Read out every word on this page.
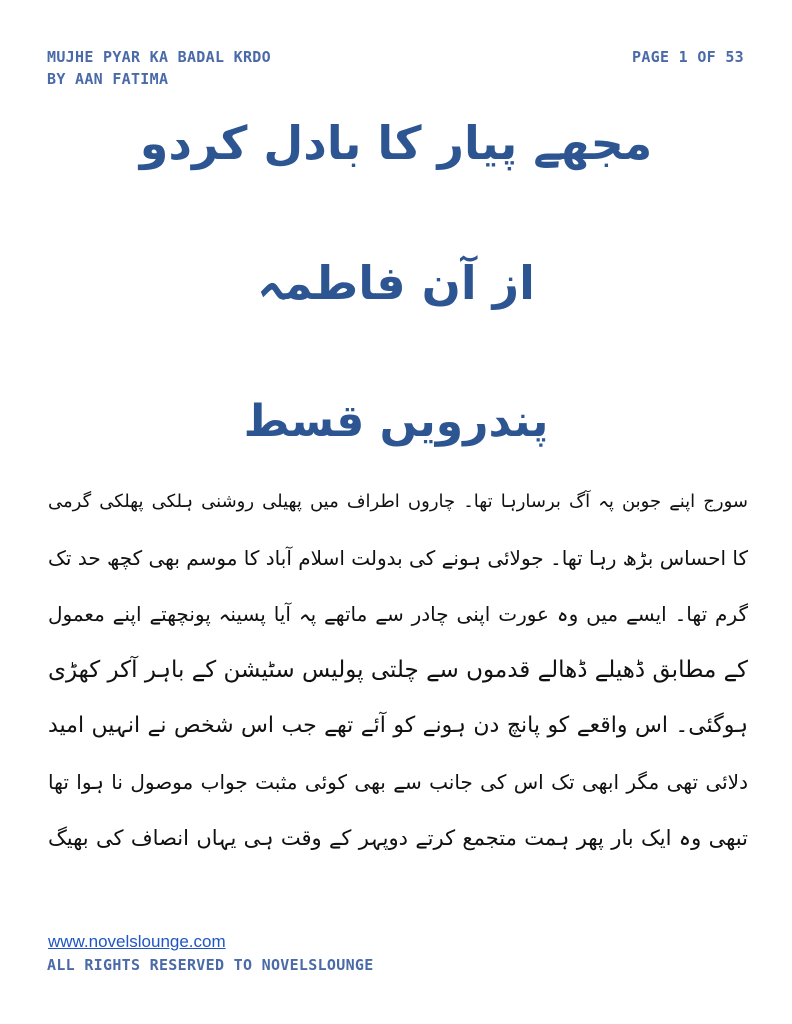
MUJHE PYAR KA BADAL KRDO
BY AAN FATIMA
PAGE 1 OF 53
مجھے پیار کا بادل کردو
از آن فاطمہ
پندرویں قسط
سورج اپنے جوبن پہ آگ برسارہا تھا۔ چاروں اطراف میں پھیلی روشنی ہلکی پھلکی گرمی
کا احساس بڑھ رہا تھا۔ جولائی ہونے کی بدولت اسلام آباد کا موسم بھی کچھ حد تک
گرم تھا۔ ایسے میں وہ عورت اپنی چادر سے ماتھے پہ آیا پسینہ پونچھتے اپنے معمول
کے مطابق ڈھیلے ڈھالے قدموں سے چلتی پولیس سٹیشن کے باہر آکر کھڑی
ہوگئی۔ اس واقعے کو پانچ دن ہونے کو آئے تھے جب اس شخص نے انہیں امید
دلائی تھی مگر ابھی تک اس کی جانب سے بھی کوئی مثبت جواب موصول نا ہوا تھا
تبھی وہ ایک بار پھر ہمت متجمع کرتے دوپہر کے وقت ہی یہاں انصاف کی بھیگ
www.novelslounge.com
ALL RIGHTS RESERVED TO NOVELSLOUNGE
